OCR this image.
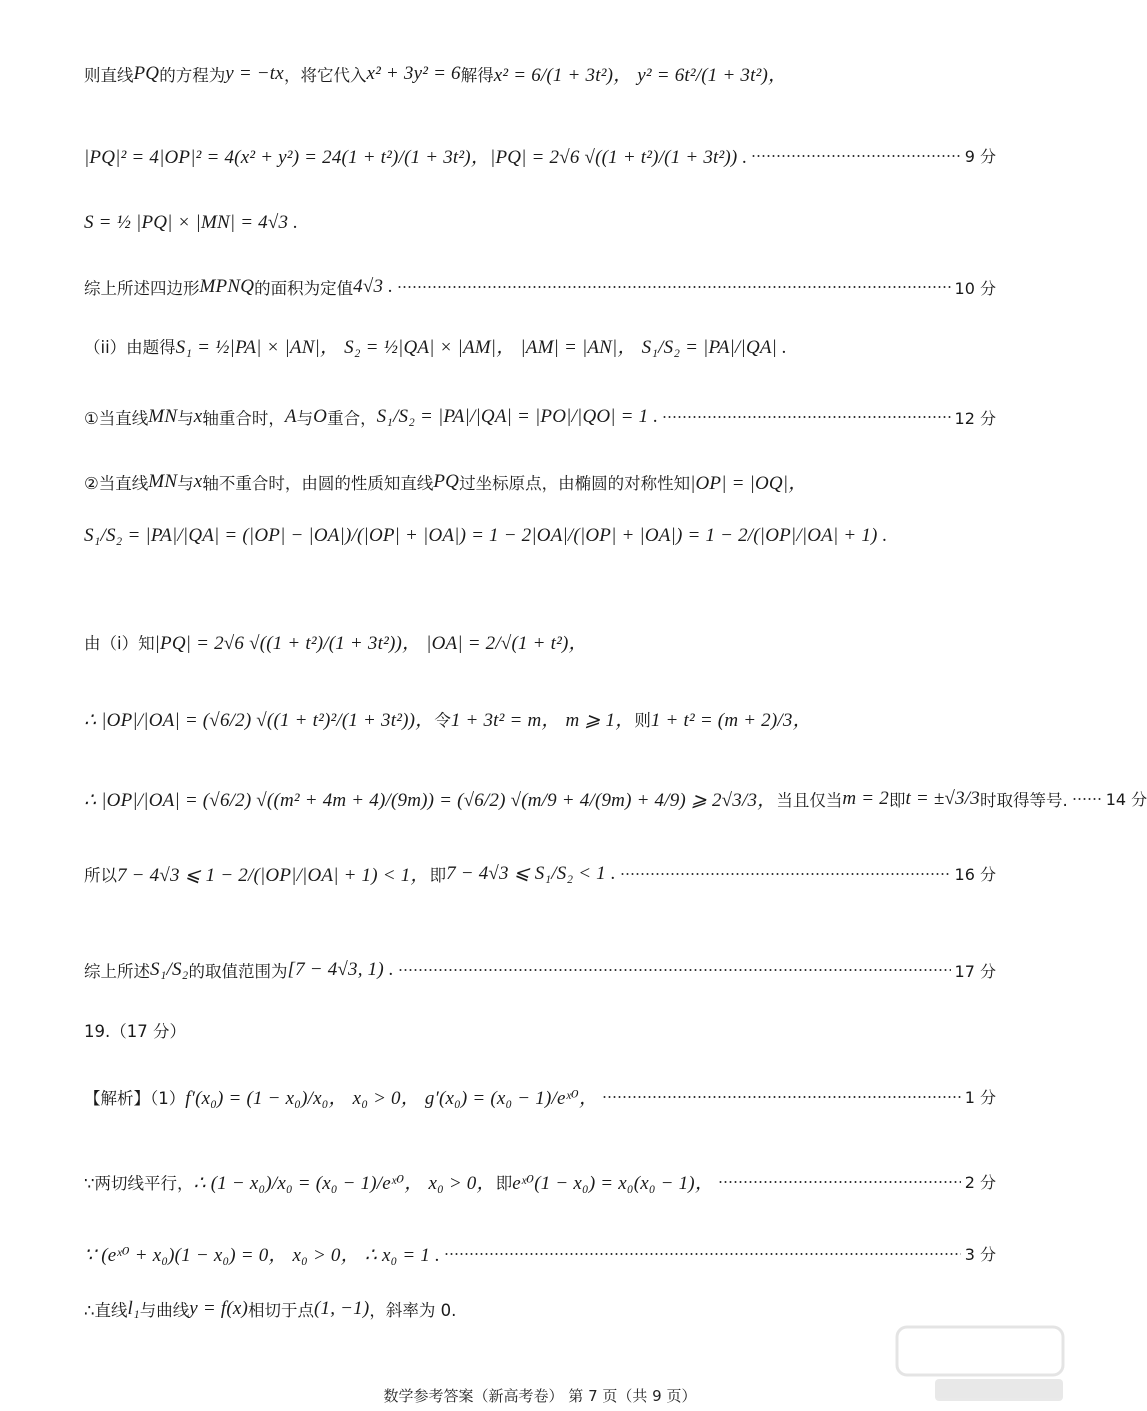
则直线 PQ 的方程为 y = −tx ，将它代入 x² + 3y² = 6 解得 x² = 6/(1 + 3t²)， y² = 6t²/(1 + 3t²)，
|PQ|² = 4|OP|² = 4(x² + y²) = 24(1 + t²)/(1 + 3t²)，|PQ| = 2√6 √((1 + t²)/(1 + 3t²)) .	9 分
S = ½ |PQ| × |MN| = 4√3 .
综上所述四边形 MPNQ 的面积为定值 4√3 .	10 分
（ii）由题得 S₁ = ½|PA| × |AN|， S₂ = ½|QA| × |AM|， |AM| = |AN|， S₁/S₂ = |PA|/|QA| .
①当直线 MN 与 x 轴重合时， A 与 O 重合， S₁/S₂ = |PA|/|QA| = |PO|/|QO| = 1 .	12 分
②当直线 MN 与 x 轴不重合时，由圆的性质知直线 PQ 过坐标原点，由椭圆的对称性知 |OP| = |OQ|，
S₁/S₂ = |PA|/|QA| = (|OP| − |OA|)/(|OP| + |OA|) = 1 − 2|OA|/(|OP| + |OA|) = 1 − 2/(|OP|/|OA| + 1) .
由（i）知 |PQ| = 2√6 √((1 + t²)/(1 + 3t²))， |OA| = 2/√(1 + t²)，
∴ |OP|/|OA| = (√6/2) √((1 + t²)²/(1 + 3t²))， 令 1 + 3t² = m， m ⩾ 1， 则 1 + t² = (m + 2)/3，
∴ |OP|/|OA| = (√6/2) √((m² + 4m + 4)/(9m)) = (√6/2) √(m/9 + 4/(9m) + 4/9) ⩾ 2√3/3， 当且仅当 m = 2 即 t = ±√3/3 时取得等号. 14 分
所以 7 − 4√3 ⩽ 1 − 2/(|OP|/|OA| + 1) < 1， 即 7 − 4√3 ⩽ S₁/S₂ < 1 .	16 分
综上所述 S₁/S₂ 的取值范围为 [7 − 4√3, 1) .	17 分
19.（17 分）
【解析】（1） f′(x₀) = (1 − x₀)/x₀， x₀ > 0， g′(x₀) = (x₀ − 1)/eˣ⁰，	1 分
∵两切线平行， ∴ (1 − x₀)/x₀ = (x₀ − 1)/eˣ⁰， x₀ > 0， 即 eˣ⁰(1 − x₀) = x₀(x₀ − 1)，	2 分
∵ (eˣ⁰ + x₀)(1 − x₀) = 0， x₀ > 0， ∴ x₀ = 1 .	3 分
∴直线 l₁ 与曲线 y = f(x) 相切于点 (1, −1) ，斜率为 0.
数学参考答案（新高考卷） 第 7 页（共 9 页）
